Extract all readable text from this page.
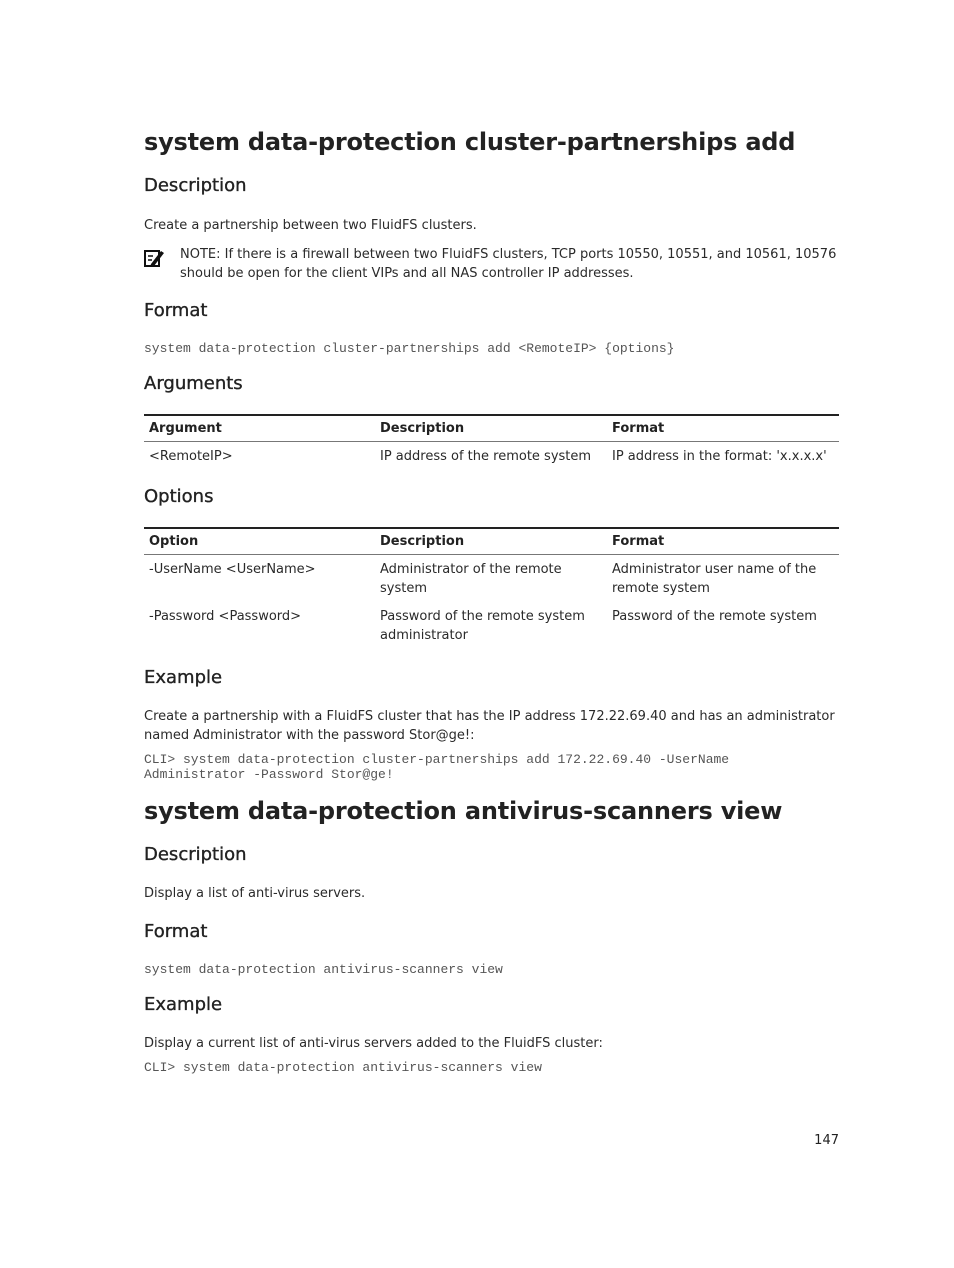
system data-protection cluster-partnerships add
Description

Create a partnership between two FluidFS clusters.

NOTE: If there is a firewall between two FluidFS clusters, TCP ports 10550, 10551, and 10561, 10576 should be open for the client VIPs and all NAS controller IP addresses.
Format
system data-protection cluster-partnerships add <RemoteIP> {options}
Arguments
Argument	Description	Format
<RemoteIP>	IP address of the remote system	IP address in the format: 'x.x.x.x'
Options
Option	Description	Format
-UserName <UserName>	Administrator of the remote system	Administrator user name of the remote system
-Password <Password>	Password of the remote system administrator	Password of the remote system
Example

Create a partnership with a FluidFS cluster that has the IP address 172.22.69.40 and has an administrator named Administrator with the password Stor@ge!:

CLI> system data-protection cluster-partnerships add 172.22.69.40 -UserName
Administrator -Password Stor@ge!
system data-protection antivirus-scanners view
Description

Display a list of anti-virus servers.

Format
system data-protection antivirus-scanners view
Example

Display a current list of anti-virus servers added to the FluidFS cluster:

CLI> system data-protection antivirus-scanners view
147
